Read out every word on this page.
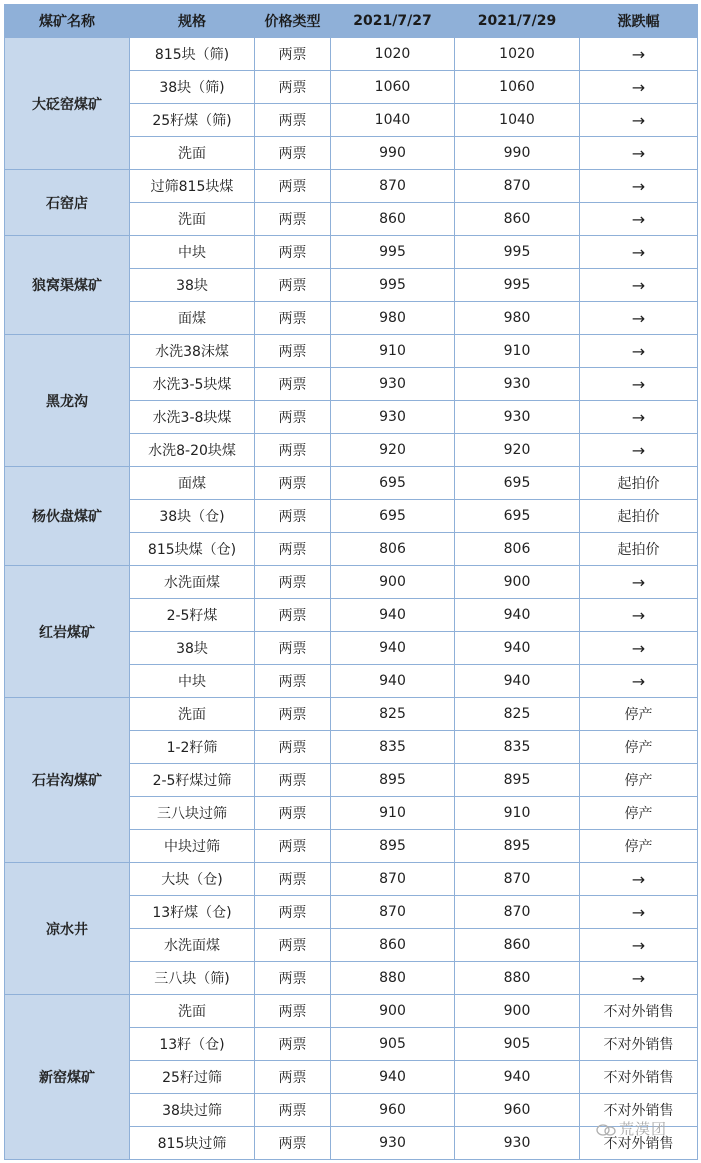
煤矿名称	规格	价格类型	2021/7/27	2021/7/29	涨跌幅
大砭窑煤矿	815块（筛)	两票	1020	1020	→
	38块（筛)	两票	1060	1060	→
	25籽煤（筛)	两票	1040	1040	→
	洗面	两票	990	990	→
石窑店	过筛815块煤	两票	870	870	→
	洗面	两票	860	860	→
狼窝渠煤矿	中块	两票	995	995	→
	38块	两票	995	995	→
	面煤	两票	980	980	→
黑龙沟	水洗38沫煤	两票	910	910	→
	水洗3-5块煤	两票	930	930	→
	水洗3-8块煤	两票	930	930	→
	水洗8-20块煤	两票	920	920	→
杨伙盘煤矿	面煤	两票	695	695	起拍价
	38块（仓)	两票	695	695	起拍价
	815块煤（仓)	两票	806	806	起拍价
红岩煤矿	水洗面煤	两票	900	900	→
	2-5籽煤	两票	940	940	→
	38块	两票	940	940	→
	中块	两票	940	940	→
石岩沟煤矿	洗面	两票	825	825	停产
	1-2籽筛	两票	835	835	停产
	2-5籽煤过筛	两票	895	895	停产
	三八块过筛	两票	910	910	停产
	中块过筛	两票	895	895	停产
凉水井	大块（仓)	两票	870	870	→
	13籽煤（仓)	两票	870	870	→
	水洗面煤	两票	860	860	→
	三八块（筛)	两票	880	880	→
新窑煤矿	洗面	两票	900	900	不对外销售
	13籽（仓)	两票	905	905	不对外销售
	25籽过筛	两票	940	940	不对外销售
	38块过筛	两票	960	960	不对外销售
	815块过筛	两票	930	930	不对外销售
荒漠团
